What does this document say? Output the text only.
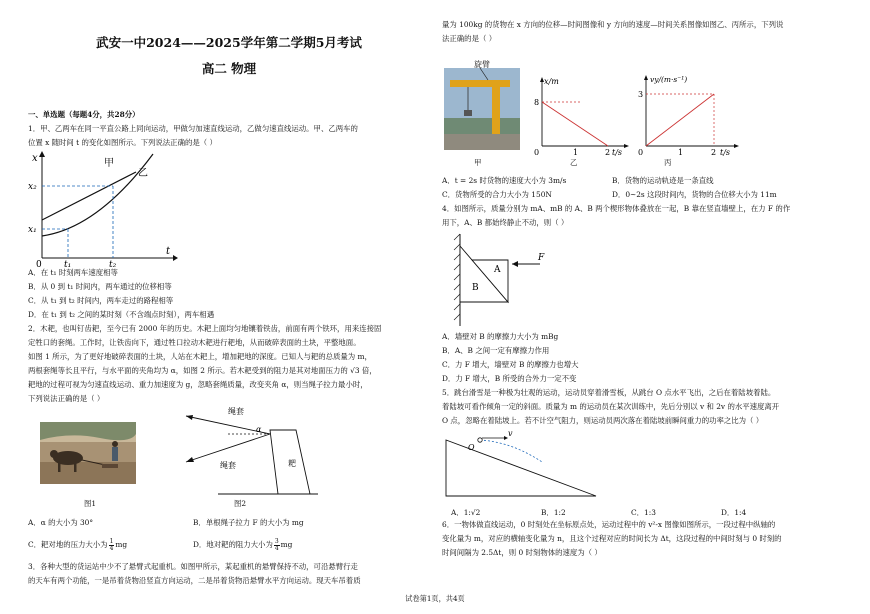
武安一中2024——2025学年第二学期5月考试
高二 物理

一、单选题（每题4分，共28分）

1．甲、乙两车在同一平直公路上同向运动，甲做匀加速直线运动，乙做匀速直线运动。甲、乙两车的

位置 x 随时间 t 的变化如图所示。下列说法正确的是（ ）

x
t
0
x₁
x₂
t₁	t₂
甲
乙

A．在 t₁ 时刻两车速度相等

B．从 0 到 t₁ 时间内，两车通过的位移相等

C．从 t₁ 到 t₂ 时间内，两车走过的路程相等

D．在 t₁ 到 t₂ 之间的某时刻（不含端点时刻），两车相遇

2．木耙，也叫钉齿耙，至今已有 2000 年的历史。木耙上面均匀地镶着铁齿，前面有两个铁环，用来连接固

定牲口的套绳。工作时，让铁齿向下，通过牲口拉动木耙进行耙地，从而破碎表面的土块，平整地面。

如图 1 所示，为了更好地破碎表面的土块，人站在木耙上，增加耙地的深度。已知人与耙的总质量为 m，

两根套绳等长且平行，与水平面的夹角均为 α，如图 2 所示。若木耙受到的阻力是其对地面压力的 √3 倍，

耙地的过程可视为匀速直线运动、重力加速度为 g，忽略套绳质量，改变夹角 α，则当绳子拉力最小时，

下列说法正确的是（ ）

图1

绳套
绳套
α
耙

图2

A．α 的大小为 30°	B．单根绳子拉力 F 的大小为 mg

C．耙对地的压力大小为 $\frac{1}{4}$ mg	D．地对耙的阻力大小为 $\frac{3}{4}$ mg

3．各种大型的货运站中少不了悬臂式起重机。如图甲所示，某起重机的悬臂保持不动，可沿悬臂行走

的天车有两个功能，一是吊着货物沿竖直方向运动，二是吊着货物沿悬臂水平方向运动。现天车吊着质

量为 100kg 的货物在 x 方向的位移—时间图像和 y 方向的速度—时间关系图像如图乙、丙所示，下列说

法正确的是（ ）

旋臂

甲

x/m
8
0	1	2 t/s

乙

vy/(m·s⁻¹)
3
0	1	2 t/s

丙

A．t = 2s 时货物的速度大小为 3m/s	B．货物的运动轨迹是一条直线

C．货物所受的合力大小为 150N	D．0~2s 这段时间内，货物的合位移大小为 11m

4．如图所示，质量分别为 mA、mB 的 A、B 两个楔形物体叠放在一起，B 靠在竖直墙壁上，在力 F 的作

用下，A、B 都始终静止不动，则（ ）

A
B
F

A．墙壁对 B 的摩擦力大小为 mBg

B．A、B 之间一定有摩擦力作用

C．力 F 增大，墙壁对 B 的摩擦力也增大

D．力 F 增大，B 所受的合外力一定不变

5．跳台滑雪是一种极为壮观的运动，运动员穿着滑雪板，从跳台 O 点水平飞出，之后在着陆坡着陆。

着陆坡可看作倾角一定的斜面。质量为 m 的运动员在某次训练中，先后分别以 v 和 2v 的水平速度离开

O 点，忽略在着陆坡上。若不计空气阻力，则运动员两次落在着陆坡前瞬间重力的功率之比为（ ）

O
v
A．1:√2	B．1:2	C．1:3	D．1:4

6．一物体做直线运动，0 时刻处在坐标原点处，运动过程中的 v²-x 图像如图所示，一段过程中纵轴的

变化量为 m，对应的横轴变化量为 n，且这个过程对应的时间长为 Δt，这段过程的中间时刻与 0 时刻的

时间间隔为 2.5Δt，则 0 时刻物体的速度为（ ）

试卷第1页，共4页
